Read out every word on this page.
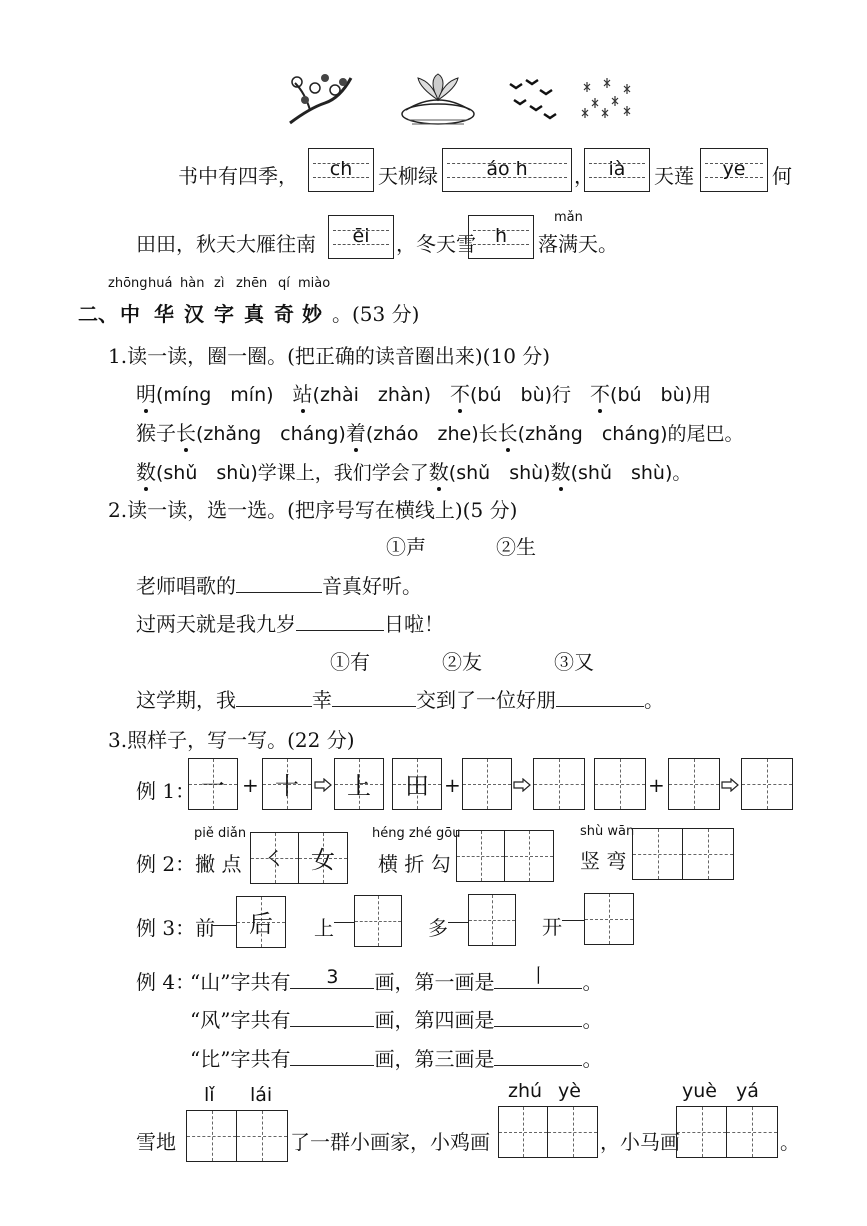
书中有四季，	ch	天柳绿	áo h	， ià	天莲	ye	何
田田，秋天大雁往南	ēi	，冬天雪 h
mǎn
落满天。
zhōng huá hàn zì zhēn qí miào
二、 中 华 汉 字 真 奇 妙 。(53 分)
1.读一读，圈一圈。(把正确的读音圈出来)(10 分)
明(míng　mín)　站(zhài　zhàn)　不(bú　bù)行　不(bú　bù)用
猴子长(zhǎng　cháng)着(zháo　zhe)长长(zhǎng　cháng)的尾巴。
数(shǔ　shù)学课上，我们学会了数(shǔ　shù)数(shǔ　shù)。
2.读一读，选一选。(把序号写在横线上)(5 分)
①声	②生
老师唱歌的	音真好听。
过两天就是我九岁	日啦！
①有	②友	③又
这学期，我	幸	交到了一位好朋	。
3.照样子，写一写。(22 分)
例 1： 一 + 十	上	田 +	+
piě diǎn	héng zhé gōu	shù wān
例 2：撇 点	㇛	女	横 折 勾	竖 弯
例 3：前	后	上	多	开
例 4：
“山”字共有	3	画，第一画是	丨	。
“风”字共有	画，第四画是	。
“比”字共有	画，第三画是	。
lǐ lái	zhú yè	yuè yá
雪地	了一群小画家，小鸡画	，小马画	。
